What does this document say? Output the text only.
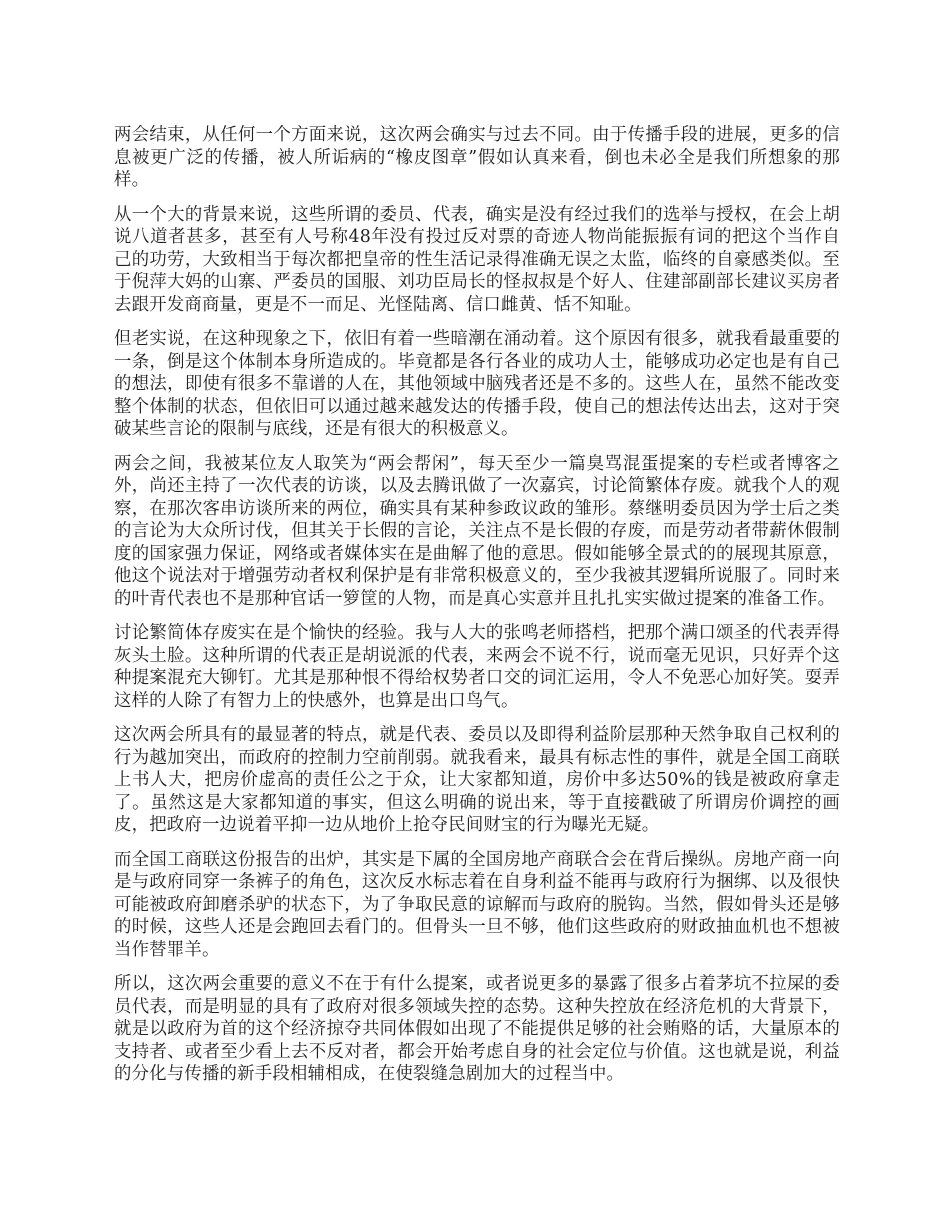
两会结束，从任何一个方面来说，这次两会确实与过去不同。由于传播手段的进展，更多的信息被更广泛的传播，被人所诟病的“橡皮图章”假如认真来看，倒也未必全是我们所想象的那样。

从一个大的背景来说，这些所谓的委员、代表，确实是没有经过我们的选举与授权，在会上胡说八道者甚多，甚至有人号称48年没有投过反对票的奇迹人物尚能振振有词的把这个当作自己的功劳，大致相当于每次都把皇帝的性生活记录得准确无误之太监，临终的自豪感类似。至于倪萍大妈的山寨、严委员的国服、刘功臣局长的怪叔叔是个好人、住建部副部长建议买房者去跟开发商商量，更是不一而足、光怪陆离、信口雌黄、恬不知耻。

但老实说，在这种现象之下，依旧有着一些暗潮在涌动着。这个原因有很多，就我看最重要的一条，倒是这个体制本身所造成的。毕竟都是各行各业的成功人士，能够成功必定也是有自己的想法，即使有很多不靠谱的人在，其他领域中脑残者还是不多的。这些人在，虽然不能改变整个体制的状态，但依旧可以通过越来越发达的传播手段，使自己的想法传达出去，这对于突破某些言论的限制与底线，还是有很大的积极意义。

两会之间，我被某位友人取笑为“两会帮闲”，每天至少一篇臭骂混蛋提案的专栏或者博客之外，尚还主持了一次代表的访谈，以及去腾讯做了一次嘉宾，讨论简繁体存废。就我个人的观察，在那次客串访谈所来的两位，确实具有某种参政议政的雏形。蔡继明委员因为学士后之类的言论为大众所讨伐，但其关于长假的言论，关注点不是长假的存废，而是劳动者带薪休假制度的国家强力保证，网络或者媒体实在是曲解了他的意思。假如能够全景式的的展现其原意，他这个说法对于增强劳动者权利保护是有非常积极意义的，至少我被其逻辑所说服了。同时来的叶青代表也不是那种官话一箩筐的人物，而是真心实意并且扎扎实实做过提案的准备工作。

讨论繁简体存废实在是个愉快的经验。我与人大的张鸣老师搭档，把那个满口颂圣的代表弄得灰头土脸。这种所谓的代表正是胡说派的代表，来两会不说不行，说而毫无见识，只好弄个这种提案混充大铆钉。尤其是那种恨不得给权势者口交的词汇运用，令人不免恶心加好笑。耍弄这样的人除了有智力上的快感外，也算是出口鸟气。

这次两会所具有的最显著的特点，就是代表、委员以及即得利益阶层那种天然争取自己权利的行为越加突出，而政府的控制力空前削弱。就我看来，最具有标志性的事件，就是全国工商联上书人大，把房价虚高的责任公之于众，让大家都知道，房价中多达50%的钱是被政府拿走了。虽然这是大家都知道的事实，但这么明确的说出来，等于直接戳破了所谓房价调控的画皮，把政府一边说着平抑一边从地价上抢夺民间财宝的行为曝光无疑。

而全国工商联这份报告的出炉，其实是下属的全国房地产商联合会在背后操纵。房地产商一向是与政府同穿一条裤子的角色，这次反水标志着在自身利益不能再与政府行为捆绑、以及很快可能被政府卸磨杀驴的状态下，为了争取民意的谅解而与政府的脱钩。当然，假如骨头还是够的时候，这些人还是会跑回去看门的。但骨头一旦不够，他们这些政府的财政抽血机也不想被当作替罪羊。

所以，这次两会重要的意义不在于有什么提案，或者说更多的暴露了很多占着茅坑不拉屎的委员代表，而是明显的具有了政府对很多领域失控的态势。这种失控放在经济危机的大背景下，就是以政府为首的这个经济掠夺共同体假如出现了不能提供足够的社会贿赂的话，大量原本的支持者、或者至少看上去不反对者，都会开始考虑自身的社会定位与价值。这也就是说，利益的分化与传播的新手段相辅相成，在使裂缝急剧加大的过程当中。
